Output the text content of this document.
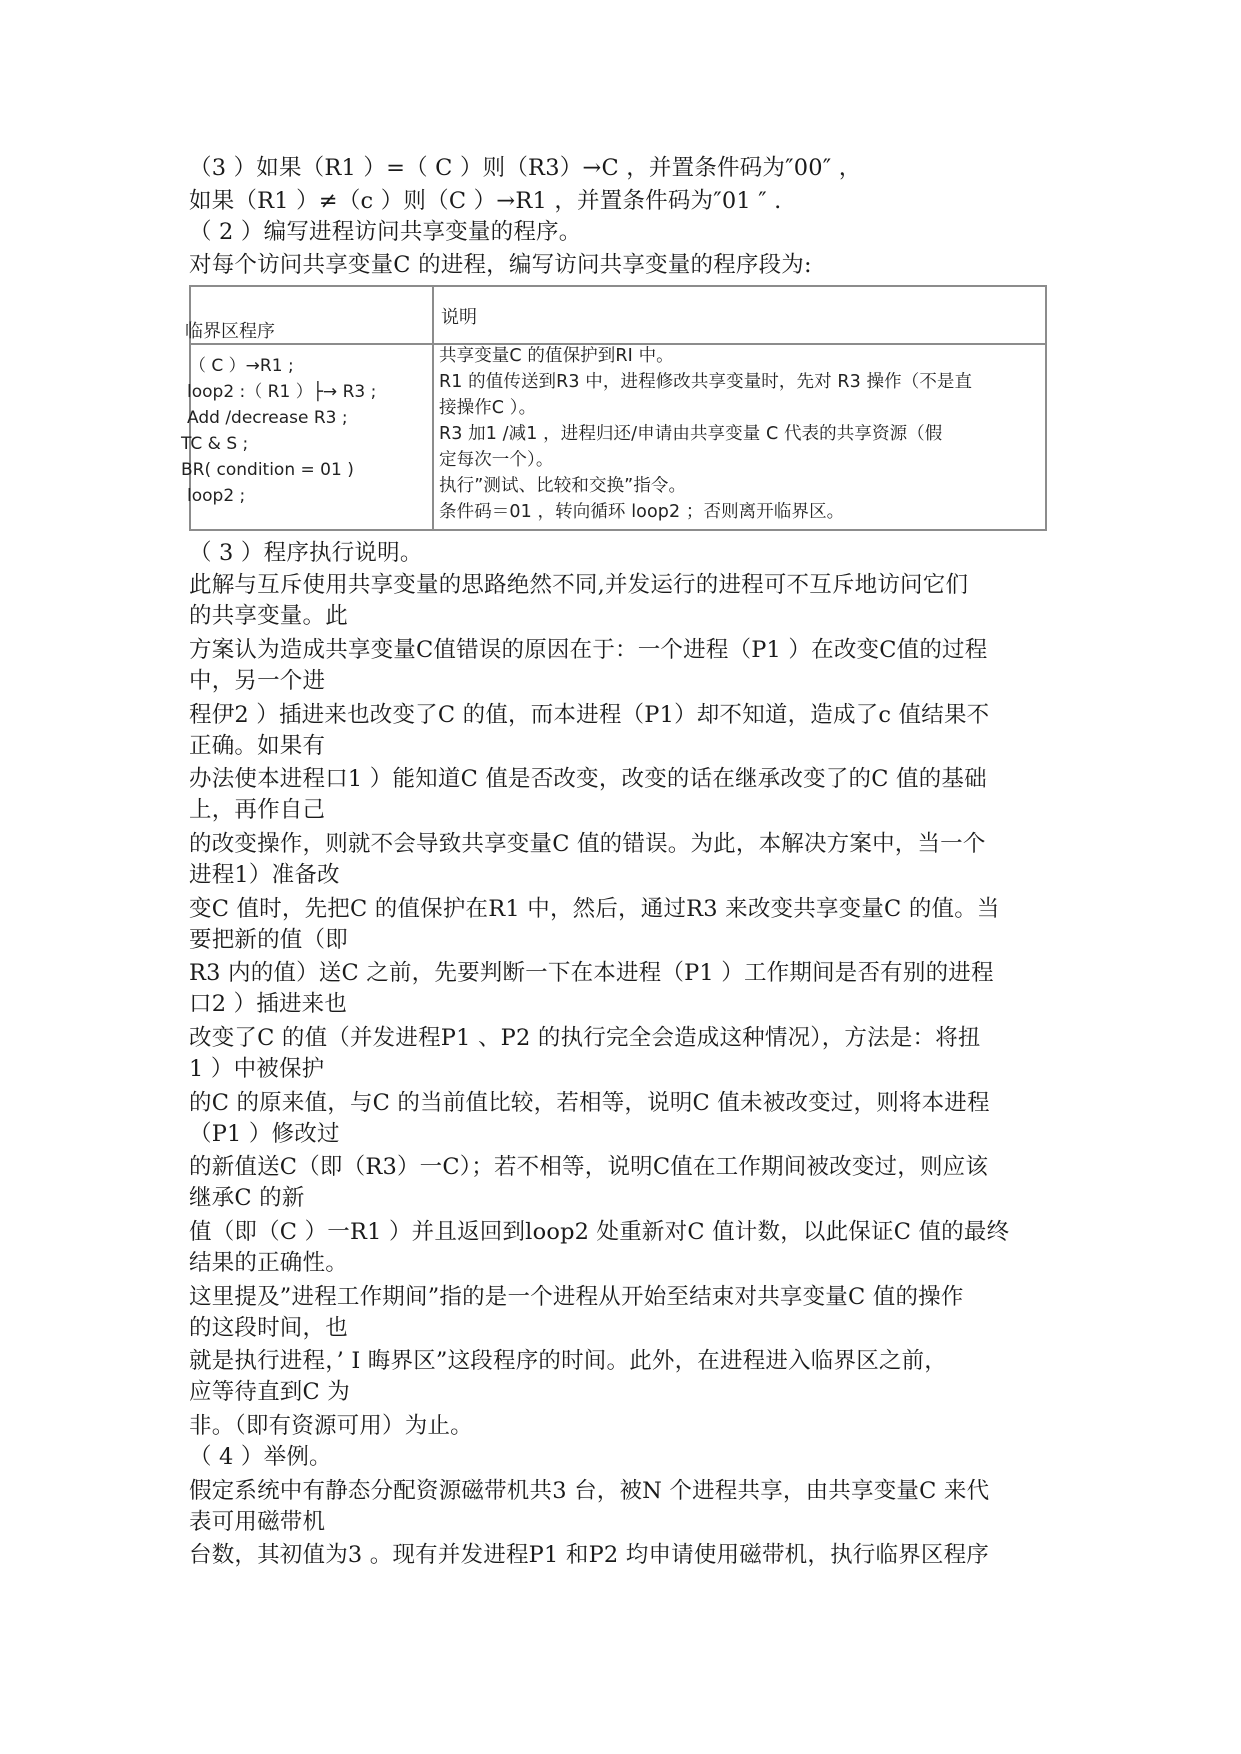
（3 ）如果（R1 ）=（ C ）则（R3）→C ，并置条件码为″00″ ，
如果（R1 ）≠（c ）则（C ）→R1 ，并置条件码为″01 ″ .
（ 2 ）编写进程访问共享变量的程序。
对每个访问共享变量C 的进程，编写访问共享变量的程序段为:
临界区程序
说明
（ C ）→R1 ;
loop2 :（ R1 ）├→ R3 ;
Add /decrease R3 ;
TC & S ;
BR( condition = 01 )
loop2 ;
共享变量C 的值保护到RI 中。
R1 的值传送到R3 中，进程修改共享变量时，先对 R3 操作（不是直
接操作C ）。
R3 加1 /减1 ，进程归还/申请由共享变量 C 代表的共享资源（假
定每次一个）。
执行”测试、比较和交换”指令。
条件码＝01 ，转向循环 loop2 ；否则离开临界区。
（ 3 ）程序执行说明。
此解与互斥使用共享变量的思路绝然不同,并发运行的进程可不互斥地访问它们
的共享变量。此
方案认为造成共享变量C值错误的原因在于：一个进程（P1 ）在改变C值的过程
中，另一个进
程伊2 ）插进来也改变了C 的值，而本进程（P1）却不知道，造成了c 值结果不
正确。如果有
办法使本进程口1 ）能知道C 值是否改变，改变的话在继承改变了的C 值的基础
上，再作自己
的改变操作，则就不会导致共享变量C 值的错误。为此，本解决方案中，当一个
进程1）准备改
变C 值时，先把C 的值保护在R1 中，然后，通过R3 来改变共享变量C 的值。当
要把新的值（即
R3 内的值）送C 之前，先要判断一下在本进程（P1 ）工作期间是否有别的进程
口2 ）插进来也
改变了C 的值（并发进程P1 、P2 的执行完全会造成这种情况），方法是：将扭
1 ）中被保护
的C 的原来值，与C 的当前值比较，若相等，说明C 值未被改变过，则将本进程
（P1 ）修改过
的新值送C（即（R3）一C）；若不相等，说明C值在工作期间被改变过，则应该
继承C 的新
值（即（C ）一R1 ）并且返回到loop2 处重新对C 值计数，以此保证C 值的最终
结果的正确性。
这里提及”进程工作期间”指的是一个进程从开始至结束对共享变量C 值的操作
的这段时间，也
就是执行进程，’ I 晦界区”这段程序的时间。此外，在进程进入临界区之前，
应等待直到C 为
非。（即有资源可用）为止。
（ 4 ）举例。
假定系统中有静态分配资源磁带机共3 台，被N 个进程共享，由共享变量C 来代
表可用磁带机
台数，其初值为3 。现有并发进程P1 和P2 均申请使用磁带机，执行临界区程序
